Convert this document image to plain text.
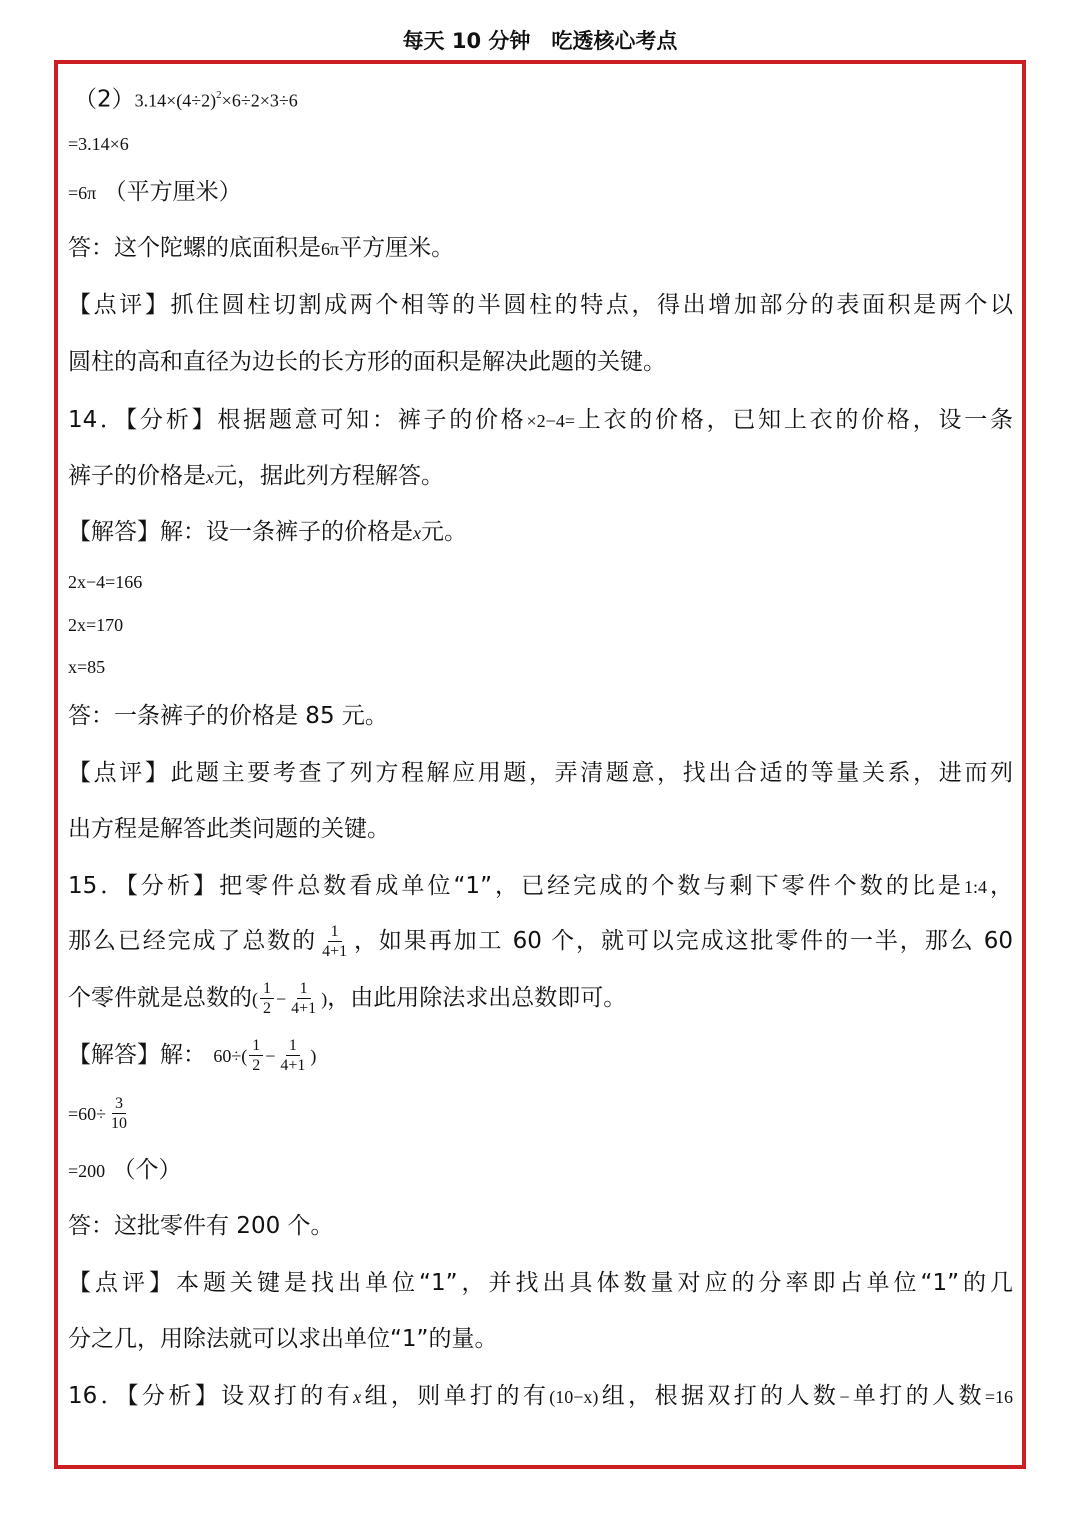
每天 10 分钟　吃透核心考点
$(2)3.14\times(4\div 2)^2\times 6\div 2\times 3\div 6$
=3.14×6
=6π （平方厘米）
答：这个陀螺的底面积是6π平方厘米。
【点评】抓住圆柱切割成两个相等的半圆柱的特点，得出增加部分的表面积是两个以
圆柱的高和直径为边长的长方形的面积是解决此题的关键。
14．【分析】根据题意可知：裤子的价格×2−4=上衣的价格，已知上衣的价格，设一条
裤子的价格是x元，据此列方程解答。
【解答】解：设一条裤子的价格是x元。
2x−4=166
2x=170
x=85
答：一条裤子的价格是 85 元。
【点评】此题主要考查了列方程解应用题，弄清题意，找出合适的等量关系，进而列
出方程是解答此类问题的关键。
15．【分析】把零件总数看成单位“1”，已经完成的个数与剩下零件个数的比是1:4，
那么已经完成了总数的 $\frac{1}{4+1}$ ，如果再加工 60 个，就可以完成这批零件的一半，那么 60
个零件就是总数的( $\frac{1}{2} - \frac{1}{4+1}$ )，由此用除法求出总数即可。
【解答】解： $60\div( \frac{1}{2} - \frac{1}{4+1}$ )
$=60\div \frac{3}{10}$
=200 （个）
答：这批零件有 200 个。
【点评】本题关键是找出单位“1”，并找出具体数量对应的分率即占单位“1”的几
分之几，用除法就可以求出单位“1”的量。
16．【分析】设双打的有x组，则单打的有(10−x)组，根据双打的人数−单打的人数=16
